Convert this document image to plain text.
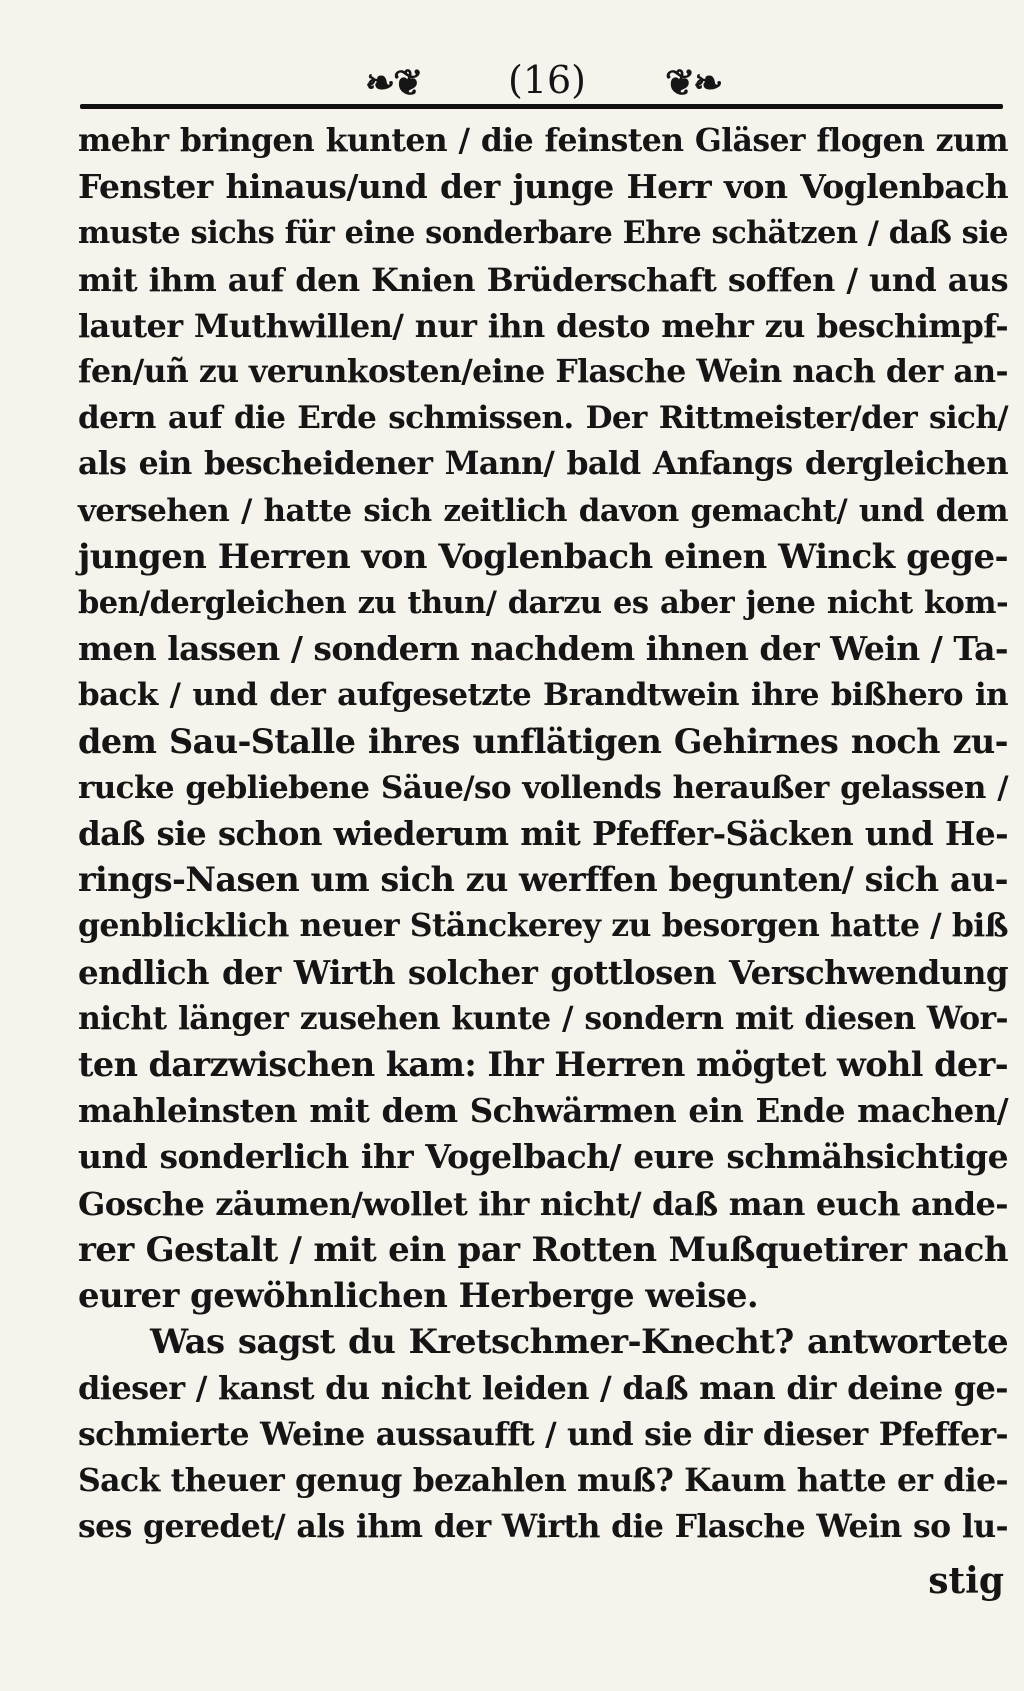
❧❦ (16) ❦❧
mehr bringen kunten / die feinsten Gläser flogen zum
Fenster hinaus/und der junge Herr von Voglenbach
muste sichs für eine sonderbare Ehre schätzen / daß sie
mit ihm auf den Knien Brüderschaft soffen / und aus
lauter Muthwillen/ nur ihn desto mehr zu beschimpf-
fen/uñ zu verunkosten/eine Flasche Wein nach der an-
dern auf die Erde schmissen. Der Rittmeister/der sich/
als ein bescheidener Mann/ bald Anfangs dergleichen
versehen / hatte sich zeitlich davon gemacht/ und dem
jungen Herren von Voglenbach einen Winck gege-
ben/dergleichen zu thun/ darzu es aber jene nicht kom-
men lassen / sondern nachdem ihnen der Wein / Ta-
back / und der aufgesetzte Brandtwein ihre bißhero in
dem Sau-Stalle ihres unflätigen Gehirnes noch zu-
rucke gebliebene Säue/so vollends heraußer gelassen /
daß sie schon wiederum mit Pfeffer-Säcken und He-
rings-Nasen um sich zu werffen begunten/ sich au-
genblicklich neuer Stänckerey zu besorgen hatte / biß
endlich der Wirth solcher gottlosen Verschwendung
nicht länger zusehen kunte / sondern mit diesen Wor-
ten darzwischen kam: Ihr Herren mögtet wohl der-
mahleinsten mit dem Schwärmen ein Ende machen/
und sonderlich ihr Vogelbach/ eure schmähsichtige
Gosche zäumen/wollet ihr nicht/ daß man euch ande-
rer Gestalt / mit ein par Rotten Mußquetirer nach
eurer gewöhnlichen Herberge weise.
Was sagst du Kretschmer-Knecht? antwortete
dieser / kanst du nicht leiden / daß man dir deine ge-
schmierte Weine aussaufft / und sie dir dieser Pfeffer-
Sack theuer genug bezahlen muß? Kaum hatte er die-
ses geredet/ als ihm der Wirth die Flasche Wein so lu-
stig
